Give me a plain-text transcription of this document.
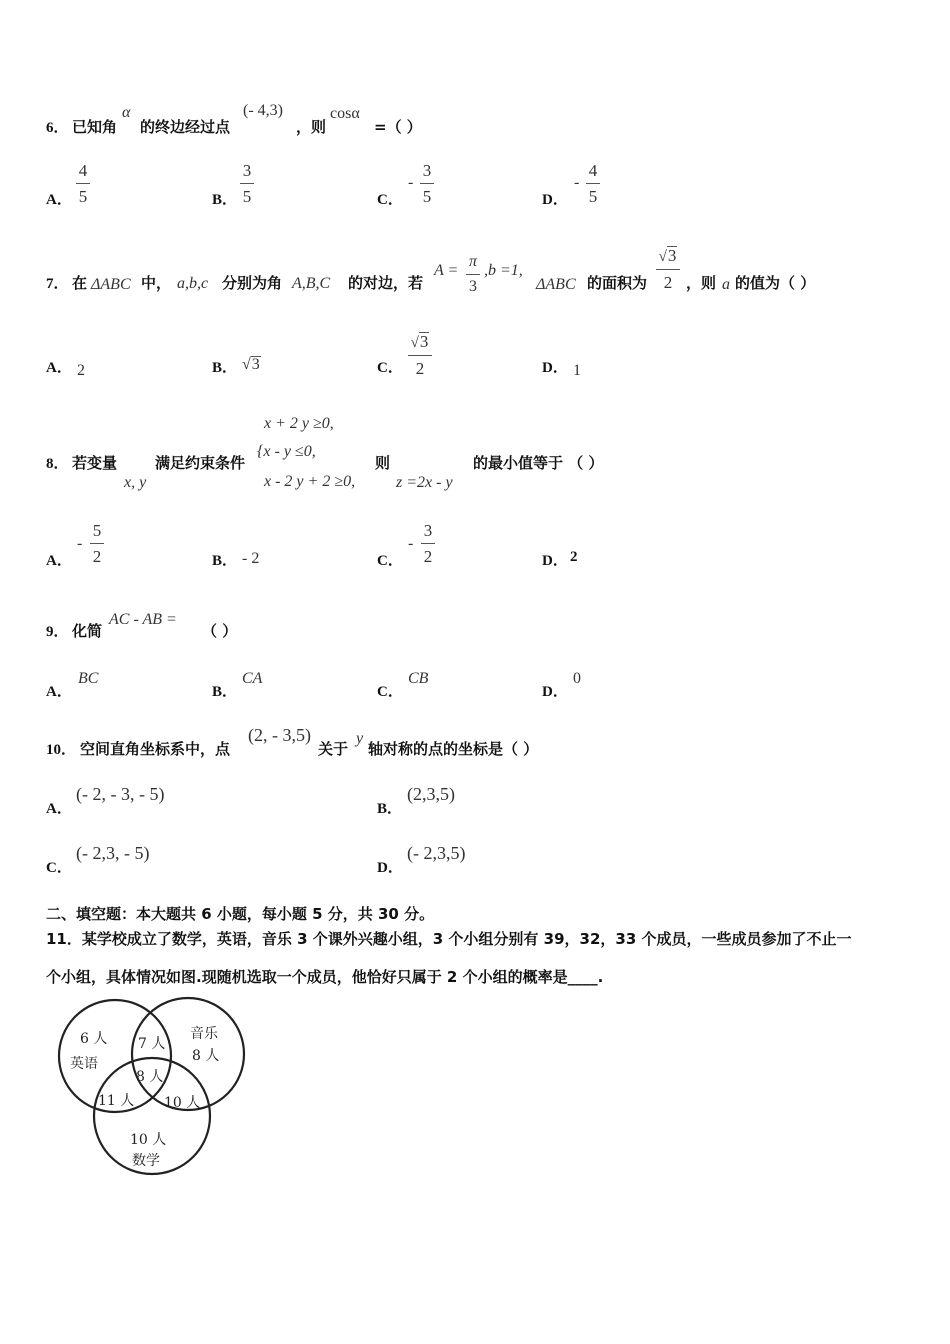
6． 已知角
α
的终边经过点
(- 4,3)
，则
cosα
=（ ）
A．
4
5	B．
3
5	C．
-
3
5	D．
-
4
5
7． 在 ΔABC 中， a,b,c 分别为角 A,B,C 的对边，若
A =
π
3
,b =1,
ΔABC 的面积为
√3
2 ，则 a 的值为（ ）
A． 2	B． √3	C．
√3
2	D． 1
8． 若变量
x, y
满足约束条件
x + 2 y ≥0,
{x - y ≤0,
x - 2 y + 2 ≥0,
则
z =2x - y
的最小值等于 （ ）
A．
-
5
2	B． - 2	C．
-
3
2	D． 2
9． 化简
AC - AB =
（ ）
A．
BC
B．
CA
C．
CB
D．
0
10． 空间直角坐标系中，点
(2, - 3,5)
关于
y
轴对称的点的坐标是（ ）
A．
(- 2, - 3, - 5)
B．
(2,3,5)
C．
(- 2,3, - 5)
D．
(- 2,3,5)
二、填空题：本大题共 6 小题，每小题 5 分，共 30 分。
11．某学校成立了数学，英语，音乐 3 个课外兴趣小组，3 个小组分别有 39，32，33 个成员，一些成员参加了不止一
个小组，具体情况如图.现随机选取一个成员，他恰好只属于 2 个小组的概率是____.
6 人
英语
音乐
8 人
7 人
8 人
11 人 10 人
10 人
数学
